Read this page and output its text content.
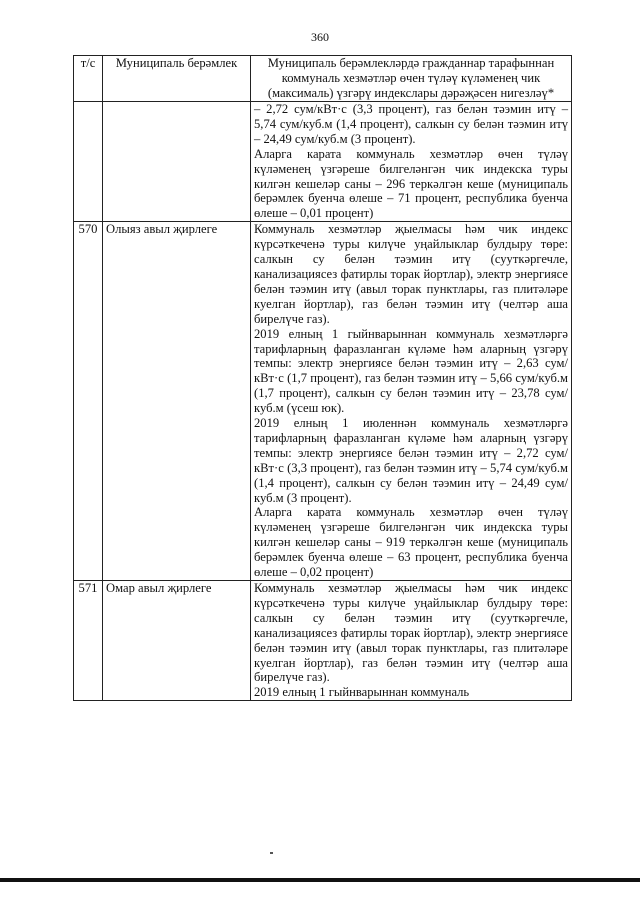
360
т/с	Муниципаль берәмлек	Муниципаль берәмлекләрдә гражданнар тарафыннан коммуналь хезмәтләр өчен түләү күләменең чик (максималь) үзгәрү индекслары дәрәҗәсен нигезләү*

		– 2,72 сум/кВт·с (3,3 процент), газ белән тәэмин итү – 5,74 сум/куб.м (1,4 процент), салкын су белән тәэмин итү – 24,49 сум/куб.м (3 процент).
Аларга карата коммуналь хезмәтләр өчен түләү күләменең үзгәреше билгеләнгән чик индекска туры килгән кешеләр саны – 296 теркәлгән кеше (муниципаль берәмлек буенча өлеше – 71 процент, республика буенча өлеше – 0,01 процент)

570	Олыяз авыл җирлеге	Коммуналь хезмәтләр җыелмасы һәм чик индекс күрсәткеченә туры килүче уңайлыклар булдыру төре: салкын су белән тәэмин итү (сууткәргечле, канализациясез фатирлы торак йортлар), электр энергиясе белән тәэмин итү (авыл торак пунктлары, газ плитәләре куелган йортлар), газ белән тәэмин итү (челтәр аша бирелүче газ).
2019 елның 1 гыйнварыннан коммуналь хезмәтләргә тарифларның фаразланган күләме һәм аларның үзгәрү темпы: электр энергиясе белән тәэмин итү – 2,63 сум/кВт·с (1,7 процент), газ белән тәэмин итү – 5,66 сум/куб.м (1,7 процент), салкын су белән тәэмин итү – 23,78 сум/куб.м (үсеш юк).
2019 елның 1 июленнән коммуналь хезмәтләргә тарифларның фаразланган күләме һәм аларның үзгәрү темпы: электр энергиясе белән тәэмин итү – 2,72 сум/кВт·с (3,3 процент), газ белән тәэмин итү – 5,74 сум/куб.м (1,4 процент), салкын су белән тәэмин итү – 24,49 сум/куб.м (3 процент).
Аларга карата коммуналь хезмәтләр өчен түләү күләменең үзгәреше билгеләнгән чик индекска туры килгән кешеләр саны – 919 теркәлгән кеше (муниципаль берәмлек буенча өлеше – 63 процент, республика буенча өлеше – 0,02 процент)

571	Омар авыл җирлеге	Коммуналь хезмәтләр җыелмасы һәм чик индекс күрсәткеченә туры килүче уңайлыклар булдыру төре: салкын су белән тәэмин итү (сууткәргечле, канализациясез фатирлы торак йортлар), электр энергиясе белән тәэмин итү (авыл торак пунктлары, газ плитәләре куелган йортлар), газ белән тәэмин итү (челтәр аша бирелүче газ).
2019 елның 1 гыйнварыннан коммуналь
